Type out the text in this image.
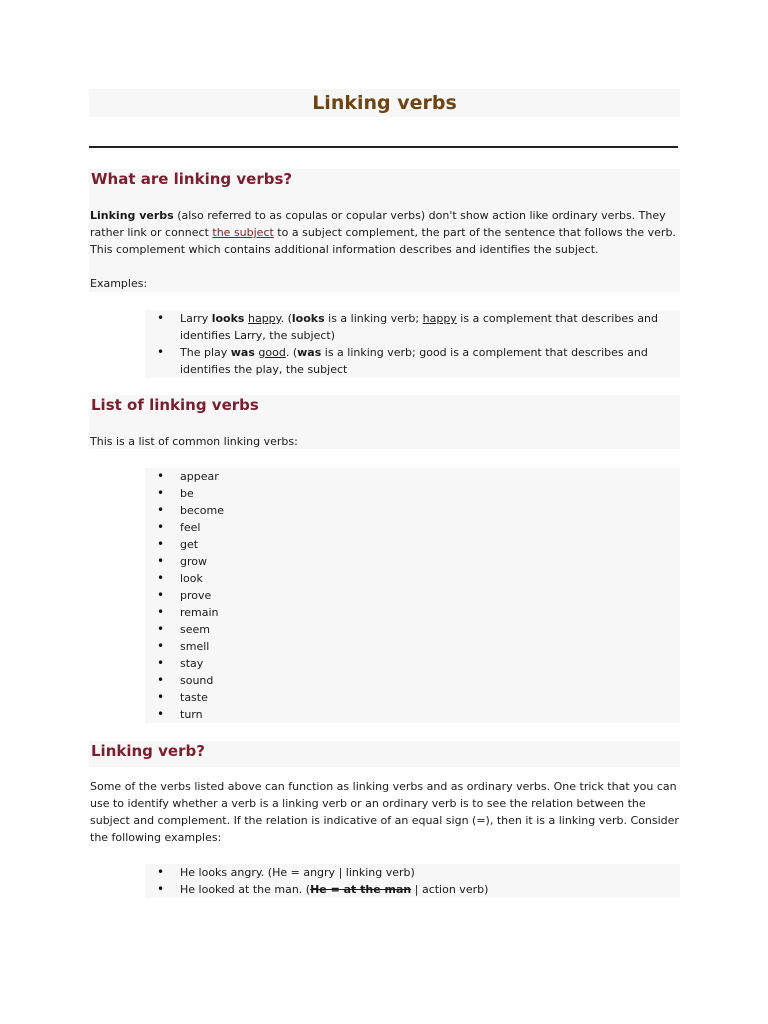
Linking verbs
What are linking verbs?

Linking verbs (also referred to as copulas or copular verbs) don't show action like ordinary verbs. They rather link or connect the subject to a subject complement, the part of the sentence that follows the verb. This complement which contains additional information describes and identifies the subject.

Examples:

• Larry looks happy. (looks is a linking verb; happy is a complement that describes and identifies Larry, the subject)
• The play was good. (was is a linking verb; good is a complement that describes and identifies the play, the subject
List of linking verbs

This is a list of common linking verbs:

• appear
• be
• become
• feel
• get
• grow
• look
• prove
• remain
• seem
• smell
• stay
• sound
• taste
• turn
Linking verb?

Some of the verbs listed above can function as linking verbs and as ordinary verbs. One trick that you can use to identify whether a verb is a linking verb or an ordinary verb is to see the relation between the subject and complement. If the relation is indicative of an equal sign (=), then it is a linking verb. Consider the following examples:

• He looks angry. (He = angry | linking verb)
• He looked at the man. (He = at the man | action verb)
